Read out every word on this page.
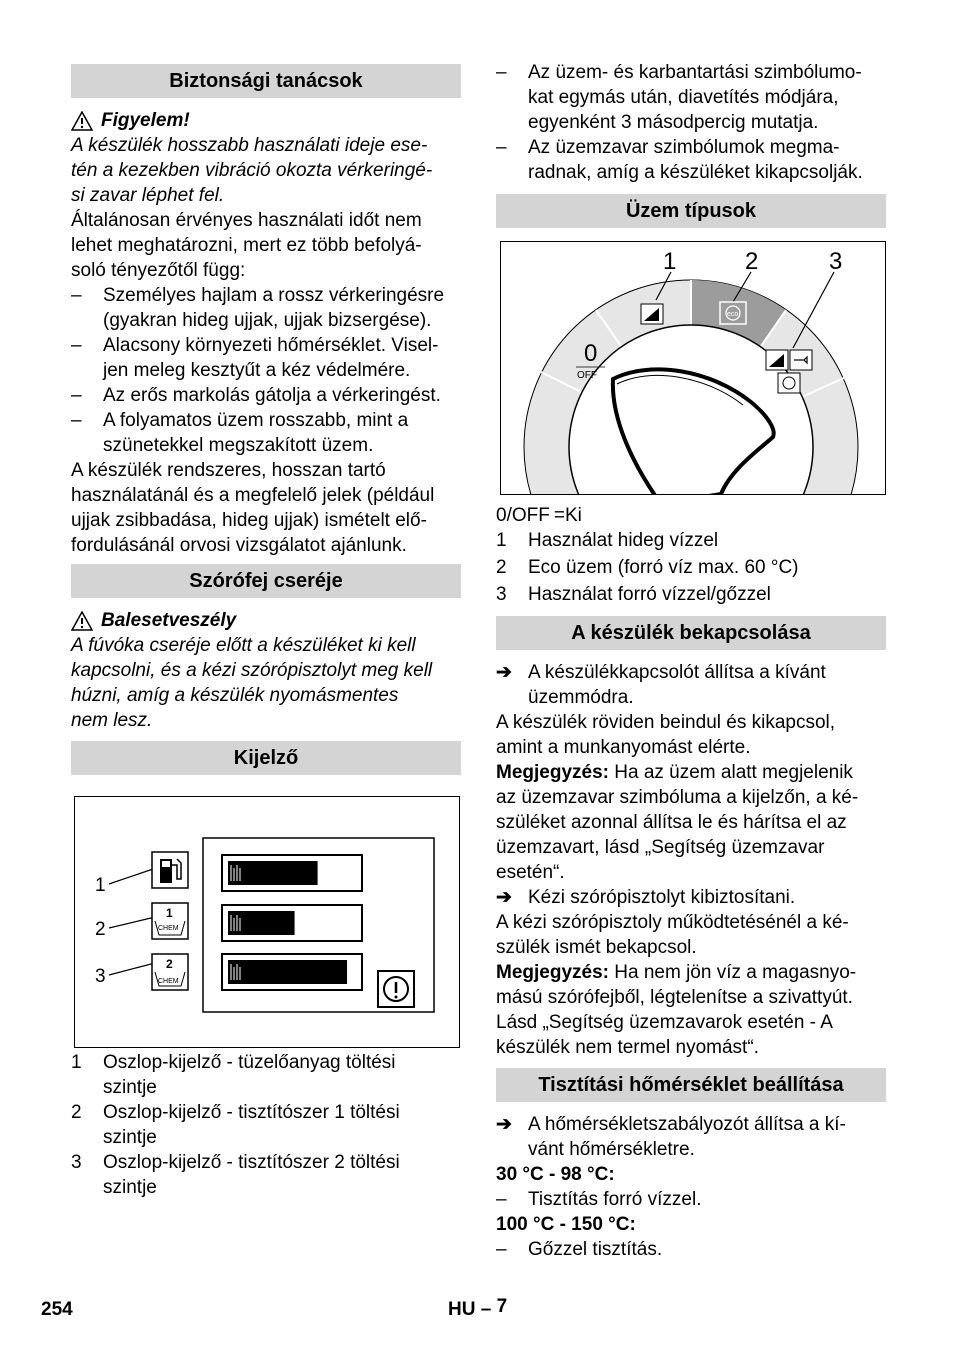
Biztonsági tanácsok
Figyelem!

A készülék hosszabb használati ideje ese-

tén a kezekben vibráció okozta vérkeringé-

si zavar léphet fel.

Általánosan érvényes használati időt nem

lehet meghatározni, mert ez több befolyá-

soló tényezőtől függ:

–	Személyes hajlam a rossz vérkeringésre

(gyakran hideg ujjak, ujjak bizsergése).

–	Alacsony környezeti hőmérséklet. Visel-

jen meleg kesztyűt a kéz védelmére.

–	Az erős markolás gátolja a vérkeringést.

–	A folyamatos üzem rosszabb, mint a

szünetekkel megszakított üzem.

A készülék rendszeres, hosszan tartó

használatánál és a megfelelő jelek (például

ujjak zsibbadása, hideg ujjak) ismételt elő-

fordulásánál orvosi vizsgálatot ajánlunk.

Szórófej cseréje
Balesetveszély

A fúvóka cseréje előtt a készüléket ki kell

kapcsolni, és a kézi szórópisztolyt meg kell

húzni, amíg a készülék nyomásmentes

nem lesz.

Kijelző
1
2
3
1
CHEM
2
CHEM
1	Oszlop-kijelző - tüzelőanyag töltési

szintje

2	Oszlop-kijelző - tisztítószer 1 töltési

szintje

3	Oszlop-kijelző - tisztítószer 2 töltési

szintje

–	Az üzem- és karbantartási szimbólumo-

kat egymás után, diavetítés módjára,

egyenként 3 másodpercig mutatja.

–	Az üzemzavar szimbólumok megma-

radnak, amíg a készüléket kikapcsolják.

Üzem típusok
1	2	3
0
OFF
eco
0/OFF = Ki
1	Használat hideg vízzel
2	Eco üzem (forró víz max. 60 °C)
3	Használat forró vízzel/gőzzel
A készülék bekapcsolása
➔ A készülékkapcsolót állítsa a kívánt

üzemmódra.

A készülék röviden beindul és kikapcsol,

amint a munkanyomást elérte.

Megjegyzés: Ha az üzem alatt megjelenik

az üzemzavar szimbóluma a kijelzőn, a ké-

szüléket azonnal állítsa le és hárítsa el az

üzemzavart, lásd „Segítség üzemzavar

esetén“.

➔ Kézi szórópisztolyt kibiztosítani.

A kézi szórópisztoly működtetésénél a ké-

szülék ismét bekapcsol.

Megjegyzés: Ha nem jön víz a magasnyo-

mású szórófejből, légtelenítse a szivattyút.

Lásd „Segítség üzemzavarok esetén - A

készülék nem termel nyomást“.

Tisztítási hőmérséklet beállítása
➔ A hőmérsékletszabályozót állítsa a kí-

vánt hőmérsékletre.

30 °C - 98 °C:

–	Tisztítás forró vízzel.

100 °C - 150 °C:

–	Gőzzel tisztítás.
254	HU – 7
